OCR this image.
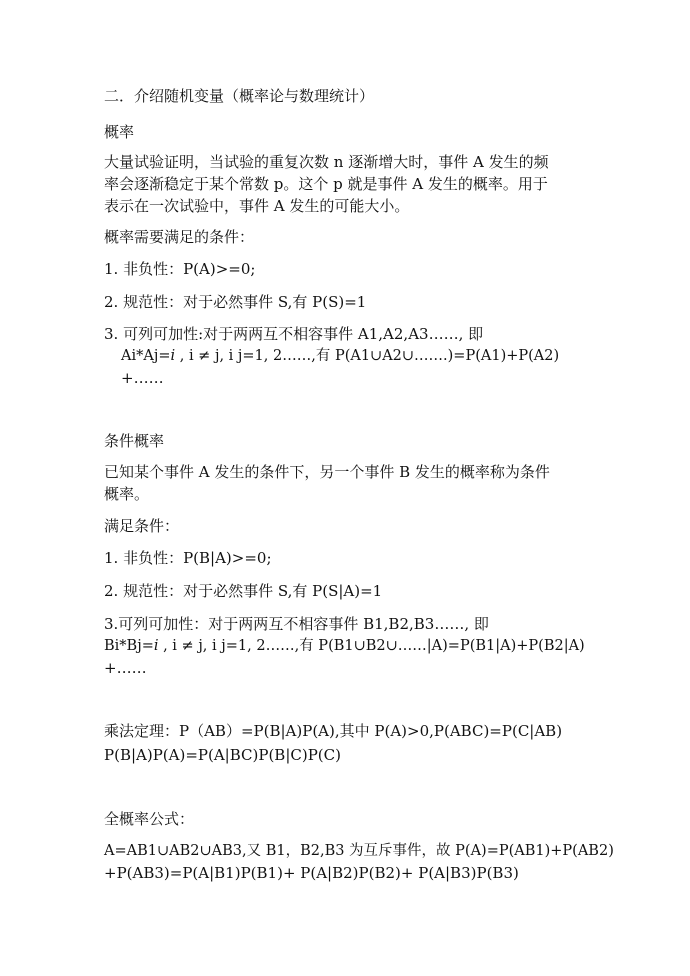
二．介绍随机变量（概率论与数理统计）
概率
大量试验证明，当试验的重复次数 n 逐渐增大时，事件 A 发生的频
率会逐渐稳定于某个常数 p。这个 p 就是事件 A 发生的概率。用于
表示在一次试验中，事件 A 发生的可能大小。
概率需要满足的条件：
1. 非负性：P(A)>=0;
2. 规范性：对于必然事件 S,有 P(S)=1
3. 可列可加性:对于两两互不相容事件 A1,A2,A3……, 即
Ai*Aj=𝑖 , i ≠ j, i j=1, 2……,有 P(A1∪A2∪…….)=P(A1)+P(A2)
+……
条件概率
已知某个事件 A 发生的条件下，另一个事件 B 发生的概率称为条件
概率。
满足条件：
1. 非负性：P(B|A)>=0;
2. 规范性：对于必然事件 S,有 P(S|A)=1
3.可列可加性：对于两两互不相容事件 B1,B2,B3……, 即
Bi*Bj=𝑖 , i ≠ j, i j=1, 2……,有 P(B1∪B2∪……|A)=P(B1|A)+P(B2|A)
+……
乘法定理：P（AB）=P(B|A)P(A),其中 P(A)>0,P(ABC)=P(C|AB)
P(B|A)P(A)=P(A|BC)P(B|C)P(C)
全概率公式：
A=AB1∪AB2∪AB3,又 B1，B2,B3 为互斥事件，故 P(A)=P(AB1)+P(AB2)
+P(AB3)=P(A|B1)P(B1)+ P(A|B2)P(B2)+ P(A|B3)P(B3)
